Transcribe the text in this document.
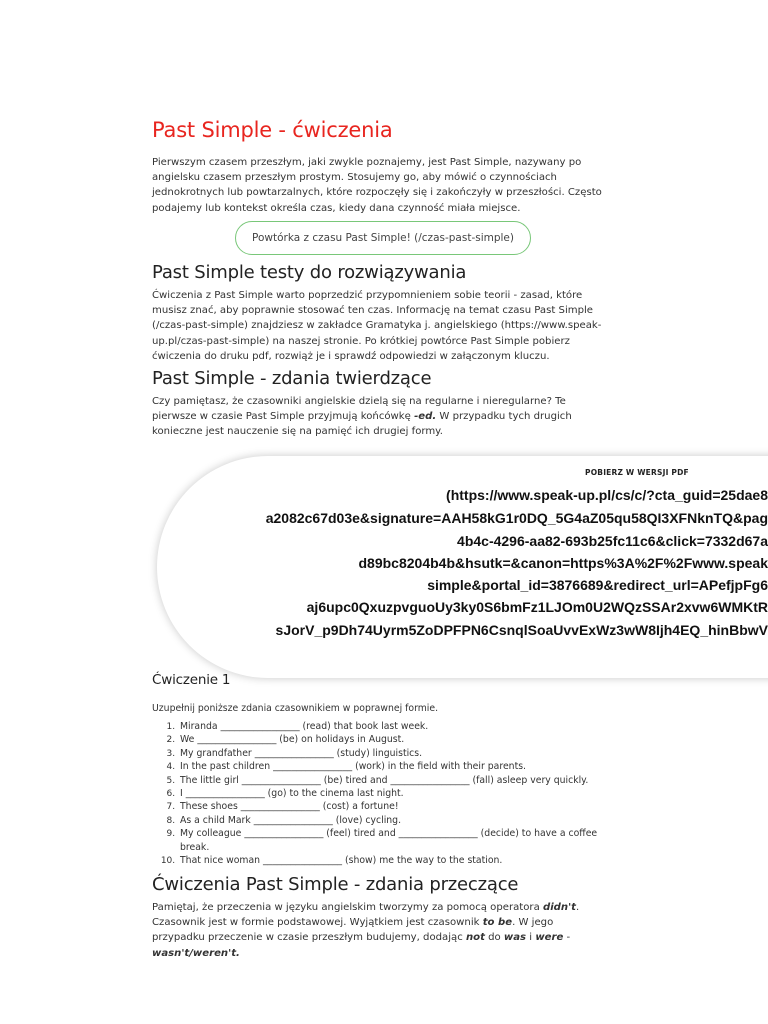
Past Simple - ćwiczenia

Pierwszym czasem przeszłym, jaki zwykle poznajemy, jest Past Simple, nazywany po angielsku czasem przeszłym prostym. Stosujemy go, aby mówić o czynnościach jednokrotnych lub powtarzalnych, które rozpoczęły się i zakończyły w przeszłości. Często podajemy lub kontekst określa czas, kiedy dana czynność miała miejsce.

Powtórka z czasu Past Simple! (/czas-past-simple)
Past Simple testy do rozwiązywania

Ćwiczenia z Past Simple warto poprzedzić przypomnieniem sobie teorii - zasad, które musisz znać, aby poprawnie stosować ten czas. Informację na temat czasu Past Simple (/czas-past-simple) znajdziesz w zakładce Gramatyka j. angielskiego (https://www.speak-up.pl/czas-past-simple) na naszej stronie. Po krótkiej powtórce Past Simple pobierz ćwiczenia do druku pdf, rozwiąż je i sprawdź odpowiedzi w załączonym kluczu.

Past Simple - zdania twierdzące

Czy pamiętasz, że czasowniki angielskie dzielą się na regularne i nieregularne? Te pierwsze w czasie Past Simple przyjmują końcówkę -ed. W przypadku tych drugich konieczne jest nauczenie się na pamięć ich drugiej formy.

POBIERZ W WERSJI PDF
(https://www.speak-up.pl/cs/c/?cta_guid=25dae8
a2082c67d03e&signature=AAH58kG1r0DQ_5G4aZ05qu58QI3XFNknTQ&pag
4b4c-4296-aa82-693b25fc11c6&click=7332d67a
d89bc8204b4b&hsutk=&canon=https%3A%2F%2Fwww.speak
simple&portal_id=3876689&redirect_url=APefjpFg6
aj6upc0QxuzpvguoUy3ky0S6bmFz1LJOm0U2WQzSSAr2xvw6WMKtR
sJorV_p9Dh74Uyrm5ZoDPFPN6CsnqlSoaUvvExWz3wW8Ijh4EQ_hinBbwV
Ćwiczenie 1

Uzupełnij poniższe zdania czasownikiem w poprawnej formie.

1. Miranda _________________ (read) that book last week.
2. We _________________ (be) on holidays in August.
3. My grandfather _________________ (study) linguistics.
4. In the past children _________________ (work) in the field with their parents.
5. The little girl _________________ (be) tired and _________________ (fall) asleep very quickly.
6. I _________________ (go) to the cinema last night.
7. These shoes _________________ (cost) a fortune!
8. As a child Mark _________________ (love) cycling.
9. My colleague _________________ (feel) tired and _________________ (decide) to have a coffee break.
10. That nice woman _________________ (show) me the way to the station.
Ćwiczenia Past Simple - zdania przeczące

Pamiętaj, że przeczenia w języku angielskim tworzymy za pomocą operatora didn't. Czasownik jest w formie podstawowej. Wyjątkiem jest czasownik to be. W jego przypadku przeczenie w czasie przeszłym budujemy, dodając not do was i were - wasn't/weren't.
